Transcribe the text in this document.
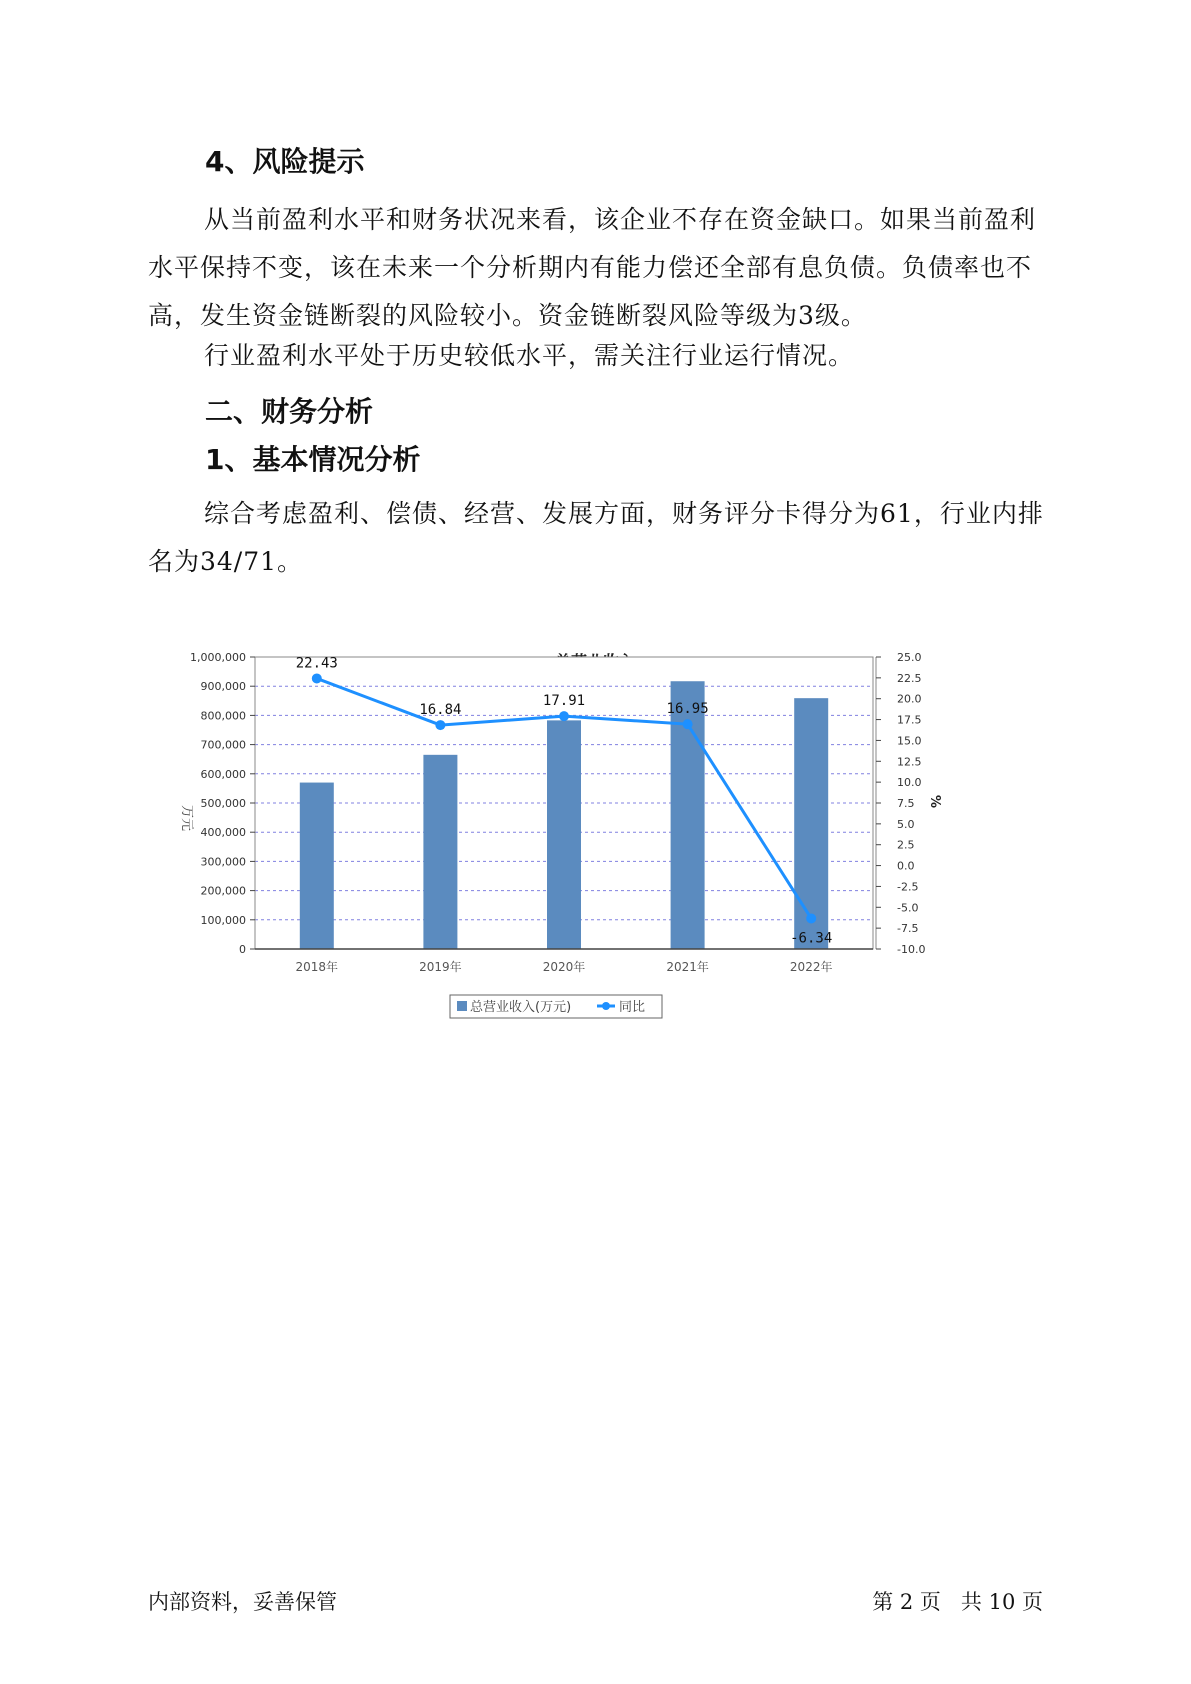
4、风险提示

从当前盈利水平和财务状况来看，该企业不存在资金缺口。如果当前盈利水平保持不变，该在未来一个分析期内有能力偿还全部有息负债。负债率也不高，发生资金链断裂的风险较小。资金链断裂风险等级为3级。

行业盈利水平处于历史较低水平，需关注行业运行情况。

二、财务分析
1、基本情况分析

综合考虑盈利、偿债、经营、发展方面，财务评分卡得分为61，行业内排名为34/71。

0
100,000
200,000
300,000
400,000
500,000
600,000
700,000
800,000
900,000
1,000,000
-10.0
-7.5
-5.0
-2.5
0.0
2.5
5.0
7.5
10.0
12.5
15.0
17.5
20.0
22.5
25.0
2018年	2019年	2020年	2021年	2022年
22.43
16.84
17.91
16.95
-6.34
万元
%
总营业收入(万元)	同比
内部资料，妥善保管	第 2 页   共 10 页
